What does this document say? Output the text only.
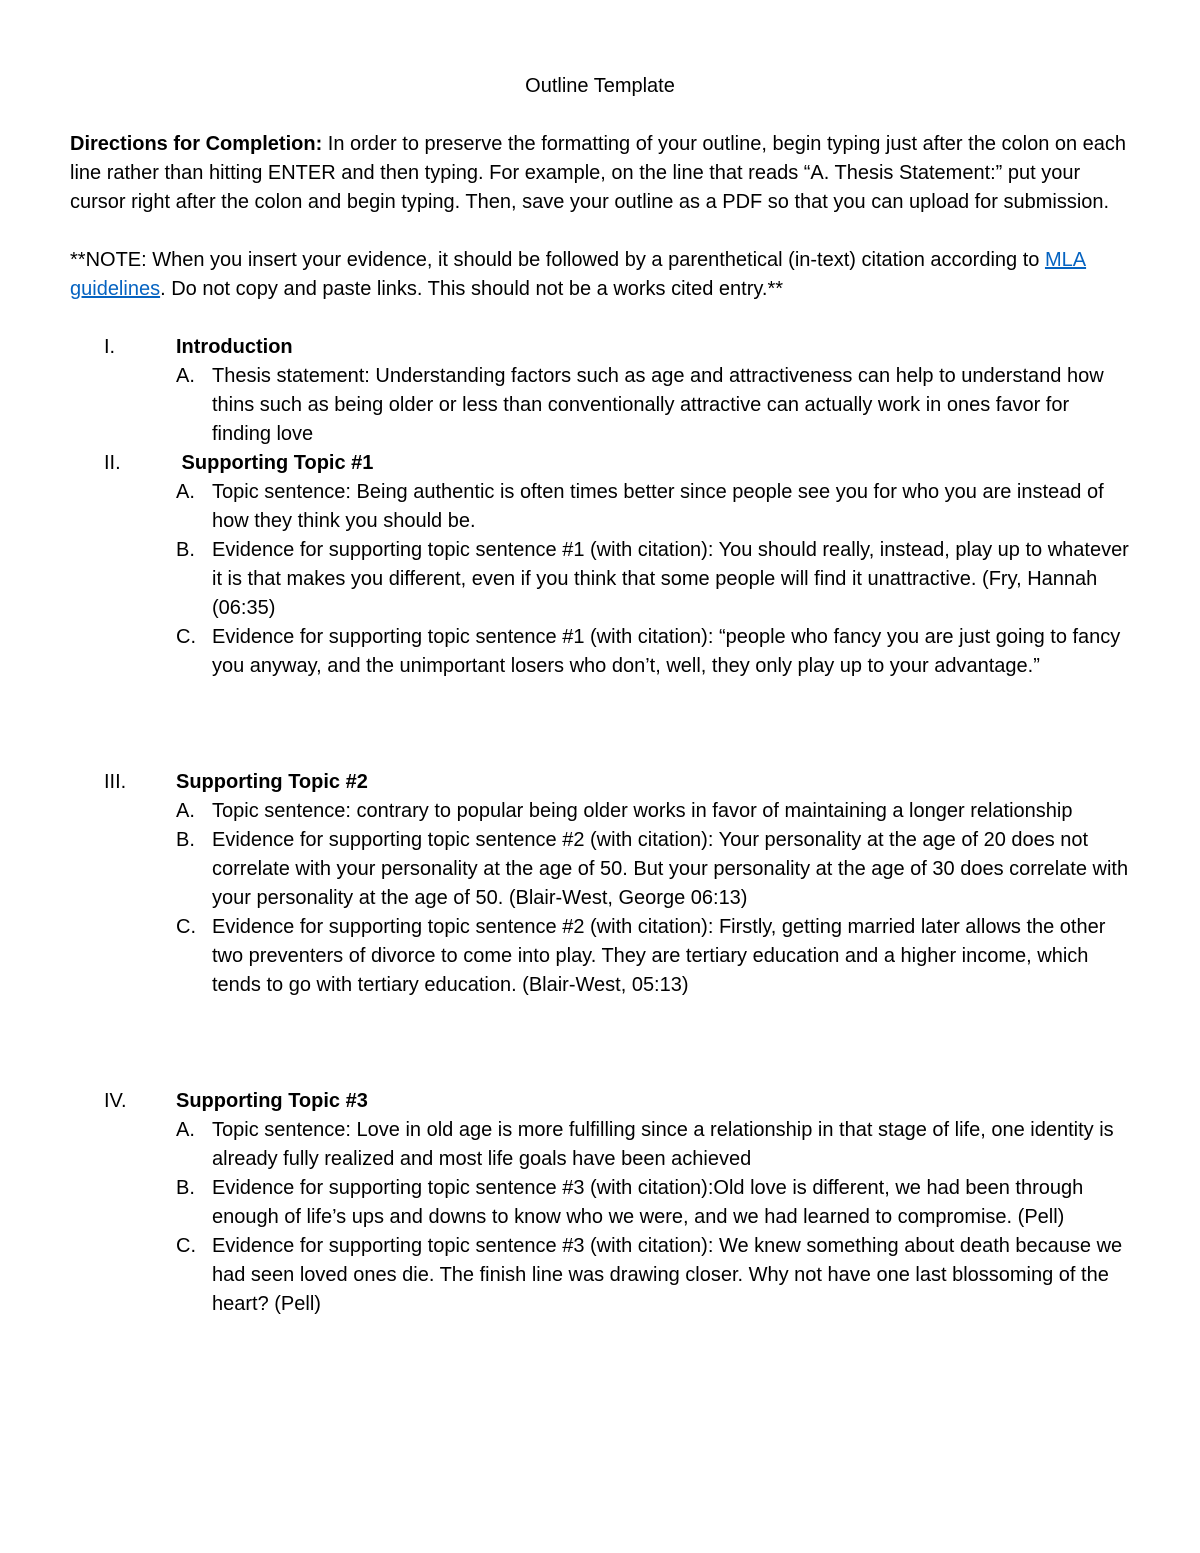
Outline Template
Directions for Completion: In order to preserve the formatting of your outline, begin typing just after the colon on each line rather than hitting ENTER and then typing. For example, on the line that reads “A. Thesis Statement:” put your cursor right after the colon and begin typing. Then, save your outline as a PDF so that you can upload for submission.
**NOTE: When you insert your evidence, it should be followed by a parenthetical (in-text) citation according to MLA guidelines. Do not copy and paste links. This should not be a works cited entry.**
I.	Introduction
A. Thesis statement: Understanding factors such as age and attractiveness can help to understand how thins such as being older or less than conventionally attractive can actually work in ones favor for finding love
II.	Supporting Topic #1
A. Topic sentence: Being authentic is often times better since people see you for who you are instead of how they think you should be.
B. Evidence for supporting topic sentence #1 (with citation): You should really, instead, play up to whatever it is that makes you different, even if you think that some people will find it unattractive. (Fry, Hannah (06:35)
C. Evidence for supporting topic sentence #1 (with citation): “people who fancy you are just going to fancy you anyway, and the unimportant losers who don’t, well, they only play up to your advantage.”
III.	Supporting Topic #2
A. Topic sentence: contrary to popular being older works in favor of maintaining a longer relationship
B. Evidence for supporting topic sentence #2 (with citation): Your personality at the age of 20 does not correlate with your personality at the age of 50. But your personality at the age of 30 does correlate with your personality at the age of 50. (Blair-West, George 06:13)
C. Evidence for supporting topic sentence #2 (with citation): Firstly, getting married later allows the other two preventers of divorce to come into play. They are tertiary education and a higher income, which tends to go with tertiary education. (Blair-West, 05:13)
IV.	Supporting Topic #3
A. Topic sentence: Love in old age is more fulfilling since a relationship in that stage of life, one identity is already fully realized and most life goals have been achieved
B. Evidence for supporting topic sentence #3 (with citation):Old love is different, we had been through enough of life’s ups and downs to know who we were, and we had learned to compromise. (Pell)
C. Evidence for supporting topic sentence #3 (with citation): We knew something about death because we had seen loved ones die. The finish line was drawing closer. Why not have one last blossoming of the heart? (Pell)
